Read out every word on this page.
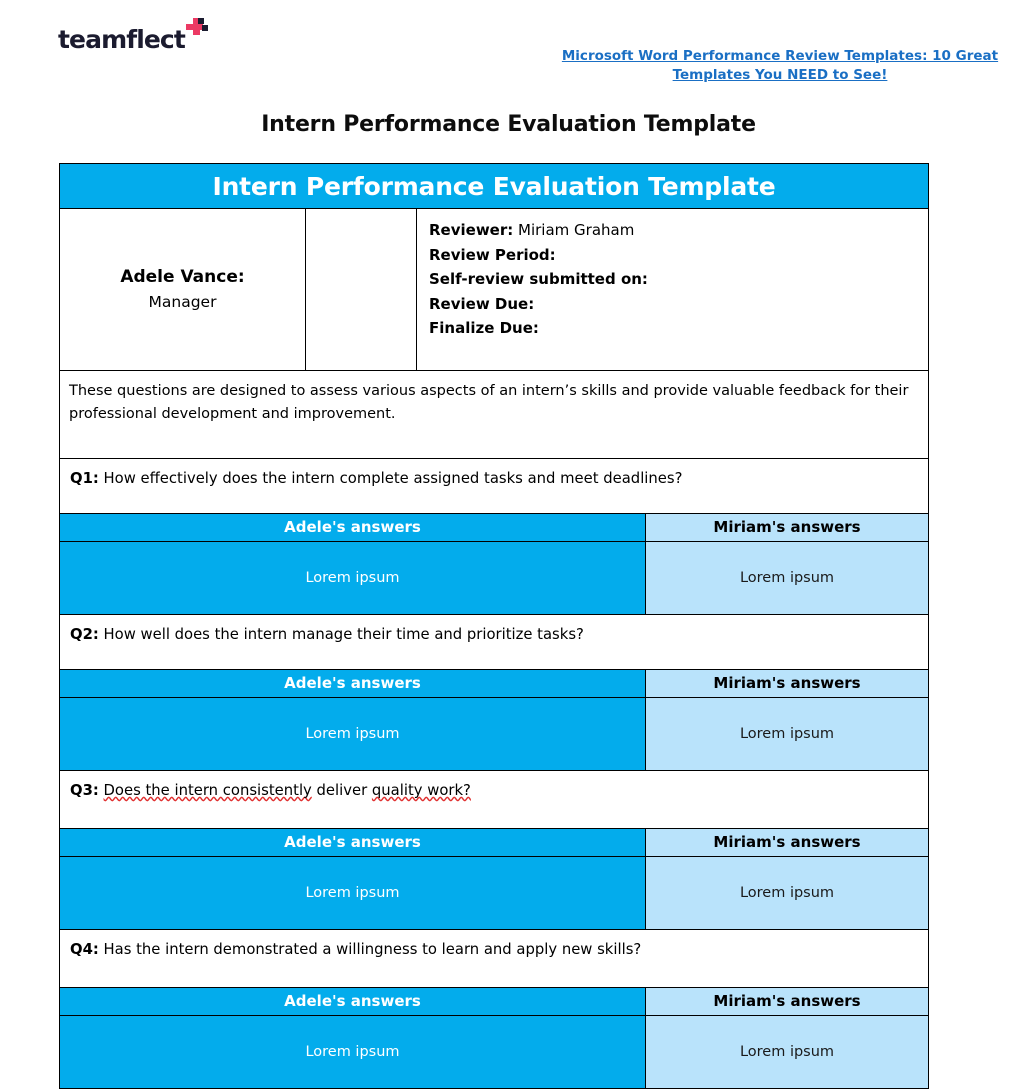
teamflect
Microsoft Word Performance Review Templates: 10 Great Templates You NEED to See!
Intern Performance Evaluation Template
Intern Performance Evaluation Template			

Adele Vance:
Manager

Reviewer: Miriam Graham
Review Period:
Self-review submitted on:
Review Due:
Finalize Due:

These questions are designed to assess various aspects of an intern’s skills and provide valuable feedback for their professional development and improvement.			

Q1: How effectively does the intern complete assigned tasks and meet deadlines?			

Adele's answers			Miriam's answers
Lorem ipsum			Lorem ipsum

Q2: How well does the intern manage their time and prioritize tasks?			

Adele's answers			Miriam's answers
Lorem ipsum			Lorem ipsum

Q3: Does the intern consistently deliver quality work?			

Adele's answers			Miriam's answers
Lorem ipsum			Lorem ipsum

Q4: Has the intern demonstrated a willingness to learn and apply new skills?			

Adele's answers			Miriam's answers
Lorem ipsum			Lorem ipsum
